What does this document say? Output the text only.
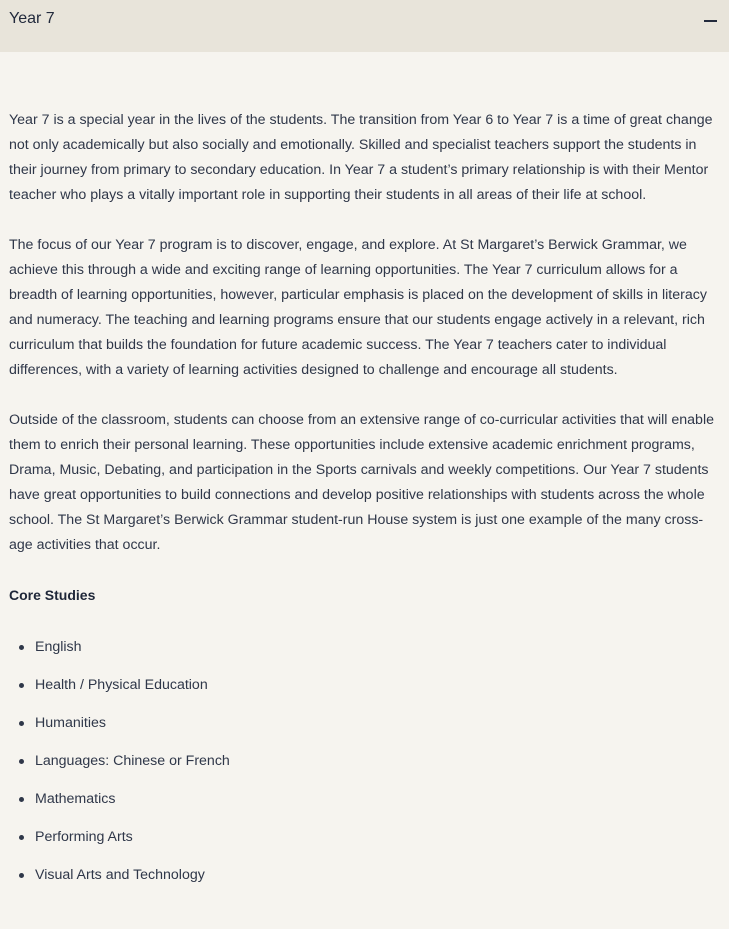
Year 7

Year 7 is a special year in the lives of the students. The transition from Year 6 to Year 7 is a time of great change not only academically but also socially and emotionally. Skilled and specialist teachers support the students in their journey from primary to secondary education. In Year 7 a student’s primary relationship is with their Mentor teacher who plays a vitally important role in supporting their students in all areas of their life at school.

The focus of our Year 7 program is to discover, engage, and explore. At St Margaret’s Berwick Grammar, we achieve this through a wide and exciting range of learning opportunities. The Year 7 curriculum allows for a breadth of learning opportunities, however, particular emphasis is placed on the development of skills in literacy and numeracy. The teaching and learning programs ensure that our students engage actively in a relevant, rich curriculum that builds the foundation for future academic success. The Year 7 teachers cater to individual differences, with a variety of learning activities designed to challenge and encourage all students.

Outside of the classroom, students can choose from an extensive range of co-curricular activities that will enable them to enrich their personal learning. These opportunities include extensive academic enrichment programs, Drama, Music, Debating, and participation in the Sports carnivals and weekly competitions. Our Year 7 students have great opportunities to build connections and develop positive relationships with students across the whole school. The St Margaret’s Berwick Grammar student-run House system is just one example of the many cross-age activities that occur.

Core Studies

English
Health / Physical Education
Humanities
Languages: Chinese or French
Mathematics
Performing Arts
Visual Arts and Technology
